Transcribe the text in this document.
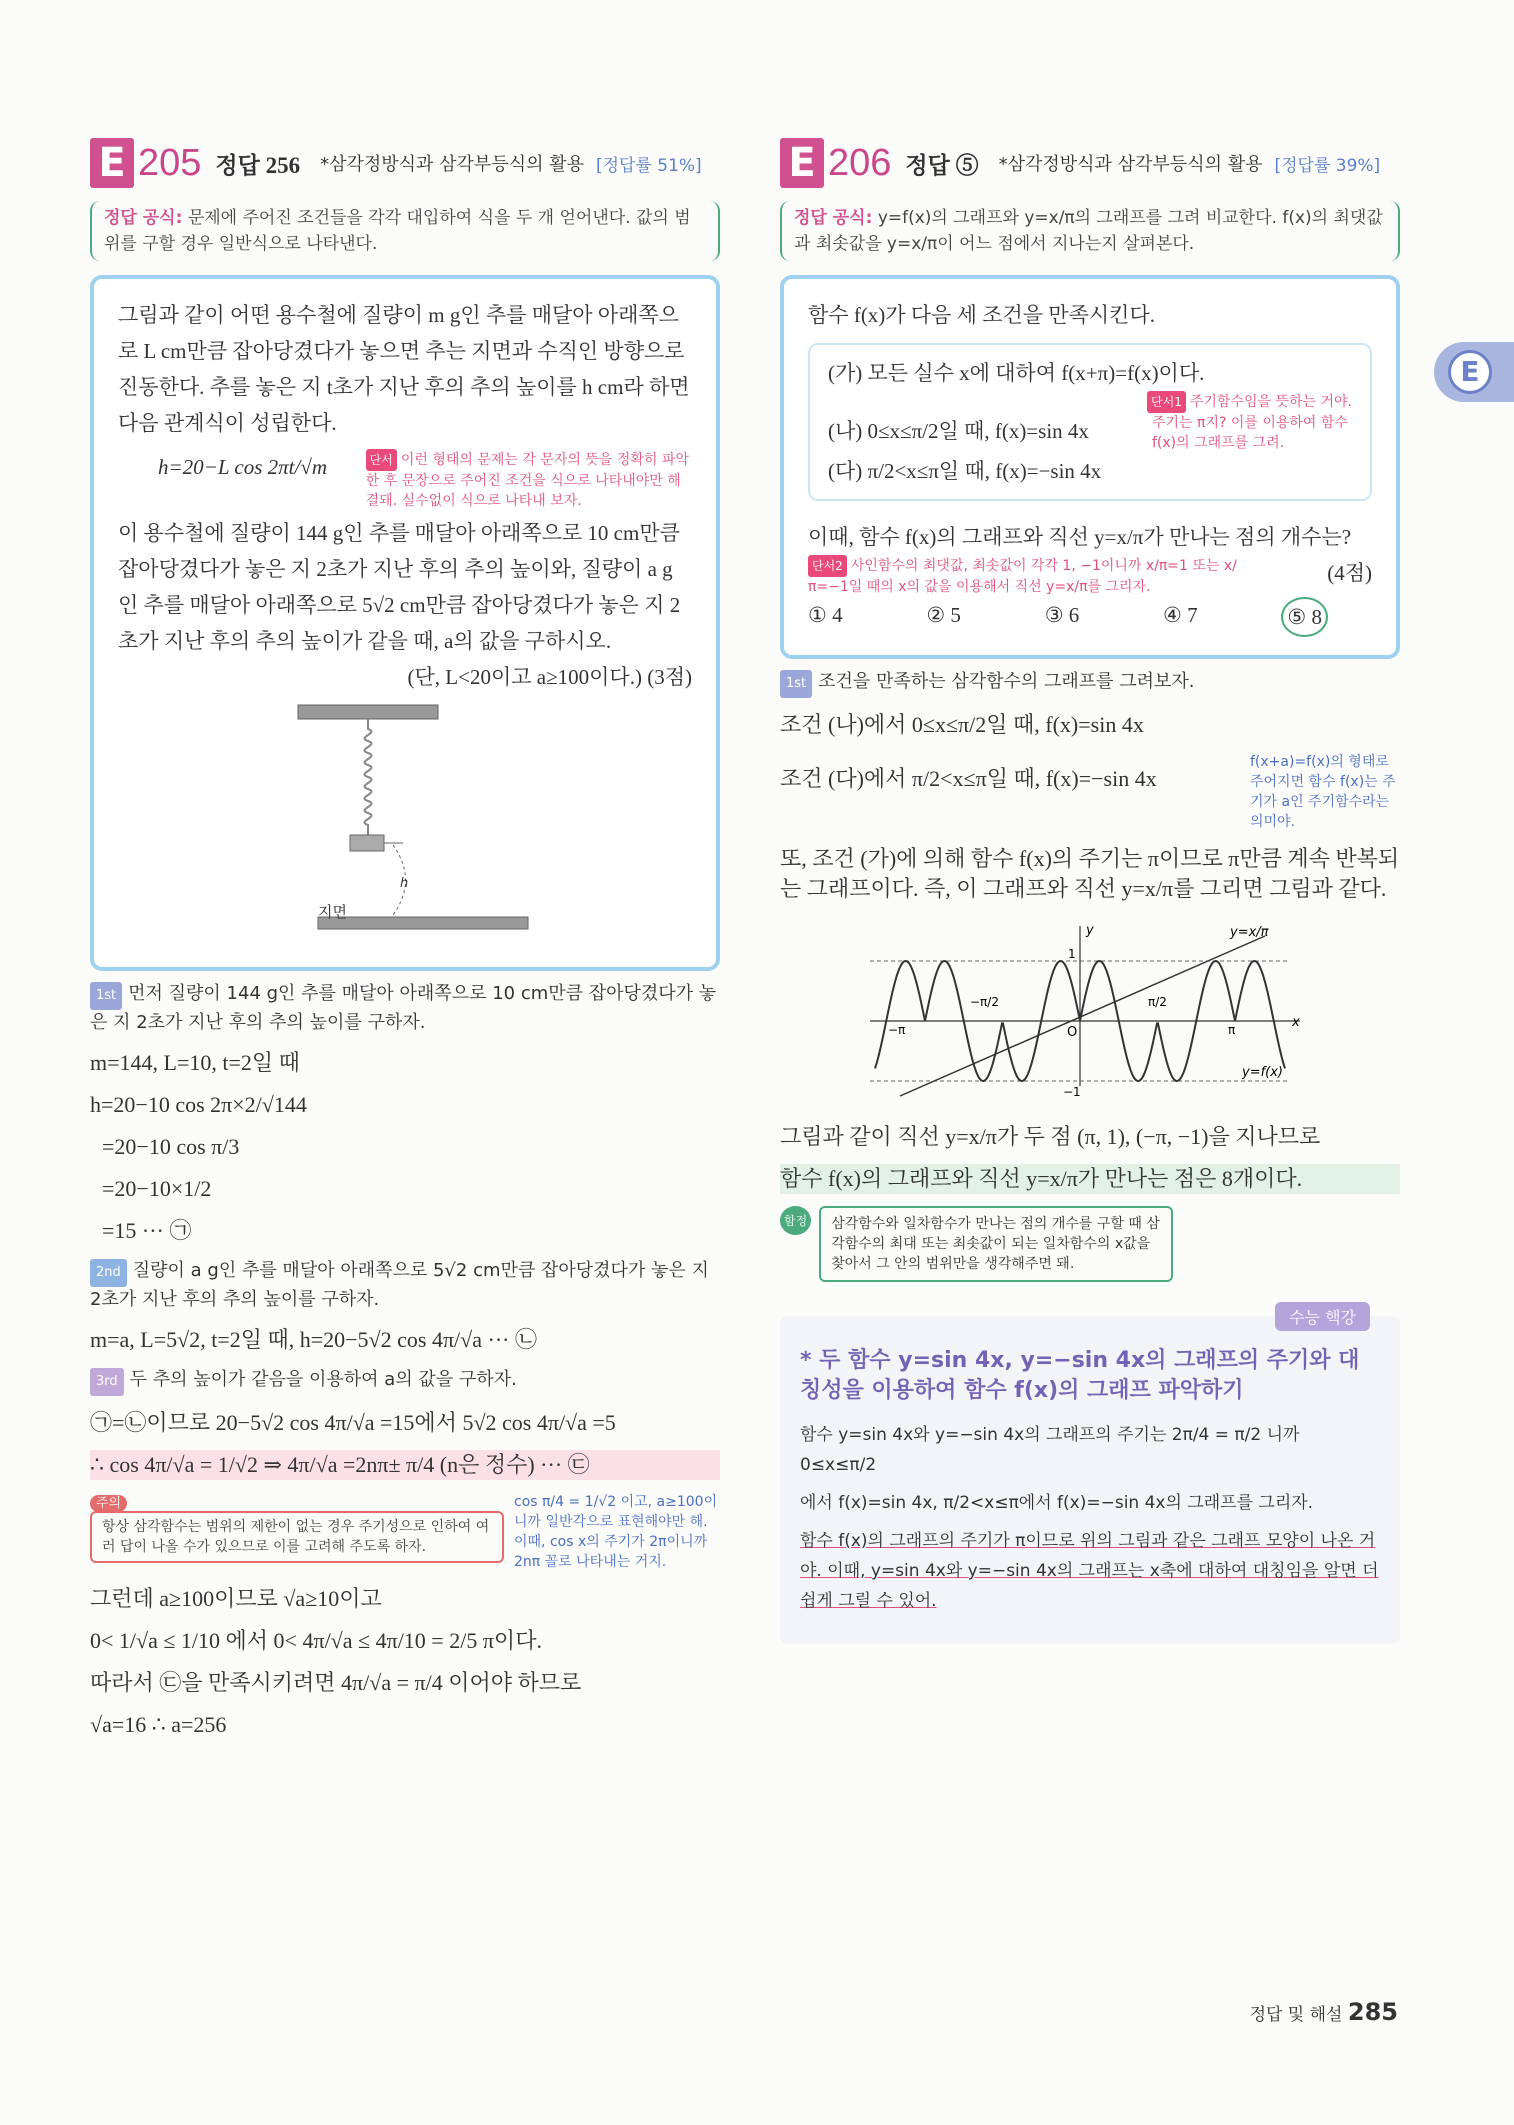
E 205 정답 256 *삼각정방식과 삼각부등식의 활용 [정답률 51%]
정답 공식: 문제에 주어진 조건들을 각각 대입하여 식을 두 개 얻어낸다. 값의 범위를 구할 경우 일반식으로 나타낸다.
그림과 같이 어떤 용수철에 질량이 m g인 추를 매달아 아래쪽으로 L cm만큼 잡아당겼다가 놓으면 추는 지면과 수직인 방향으로 진동한다. 추를 놓은 지 t초가 지난 후의 추의 높이를 h cm라 하면 다음 관계식이 성립한다.
h=20−L cos 2πt/√m	단서 이런 형태의 문제는 각 문자의 뜻을 정확히 파악한 후 문장으로 주어진 조건을 식으로 나타내야만 해결돼. 실수없이 식으로 나타내 보자.
이 용수철에 질량이 144 g인 추를 매달아 아래쪽으로 10 cm만큼 잡아당겼다가 놓은 지 2초가 지난 후의 추의 높이와, 질량이 a g인 추를 매달아 아래쪽으로 5√2 cm만큼 잡아당겼다가 놓은 지 2초가 지난 후의 추의 높이가 같을 때, a의 값을 구하시오.
(단, L<20이고 a≥100이다.) (3점)
h
지면
1st 먼저 질량이 144 g인 추를 매달아 아래쪽으로 10 cm만큼 잡아당겼다가 놓은 지 2초가 지난 후의 추의 높이를 구하자.
m=144, L=10, t=2일 때
h=20−10 cos 2π×2/√144
=20−10 cos π/3
=20−10×1/2
=15 ··· ㉠
2nd 질량이 a g인 추를 매달아 아래쪽으로 5√2 cm만큼 잡아당겼다가 놓은 지 2초가 지난 후의 추의 높이를 구하자.
m=a, L=5√2, t=2일 때, h=20−5√2 cos 4π/√a ··· ㉡
3rd 두 추의 높이가 같음을 이용하여 a의 값을 구하자.
㉠=㉡이므로 20−5√2 cos 4π/√a =15에서 5√2 cos 4π/√a =5
∴ cos 4π/√a = 1/√2 ⇒ 4π/√a =2nπ± π/4 (n은 정수) ··· ㉢
주의
항상 삼각함수는 범위의 제한이 없는 경우 주기성으로 인하여 여러 답이 나올 수가 있으므로 이를 고려해 주도록 하자.
cos π/4 = 1/√2 이고, a≥100이니까 일반각으로 표현해야만 해. 이때, cos x의 주기가 2π이니까 2nπ 꼴로 나타내는 거지.
그런데 a≥100이므로 √a≥10이고
0< 1/√a ≤ 1/10 에서 0< 4π/√a ≤ 4π/10 = 2/5 π이다.
따라서 ㉢을 만족시키려면 4π/√a = π/4 이어야 하므로
√a=16 ∴ a=256
E 206 정답 ⑤ *삼각정방식과 삼각부등식의 활용 [정답률 39%]
정답 공식: y=f(x)의 그래프와 y=x/π의 그래프를 그려 비교한다. f(x)의 최댓값과 최솟값을 y=x/π이 어느 점에서 지나는지 살펴본다.
함수 f(x)가 다음 세 조건을 만족시킨다.
(가) 모든 실수 x에 대하여 f(x+π)=f(x)이다.
단서1 주기함수임을 뜻하는 거야.
(나) 0≤x≤π/2일 때, f(x)=sin 4x	주기는 π지? 이를 이용하여 함수 f(x)의 그래프를 그려.
(다) π/2<x≤π일 때, f(x)=−sin 4x
이때, 함수 f(x)의 그래프와 직선 y=x/π가 만나는 점의 개수는?
단서2 사인함수의 최댓값, 최솟값이 각각 1, −1이니까 x/π=1 또는 x/π=−1일 때의 x의 값을 이용해서 직선 y=x/π를 그리자.
(4점)
① 4	② 5	③ 6	④ 7	⑤ 8
1st 조건을 만족하는 삼각함수의 그래프를 그려보자.
조건 (나)에서 0≤x≤π/2일 때, f(x)=sin 4x
조건 (다)에서 π/2<x≤π일 때, f(x)=−sin 4x
f(x+a)=f(x)의 형태로 주어지면 함수 f(x)는 주기가 a인 주기함수라는 의미야.
또, 조건 (가)에 의해 함수 f(x)의 주기는 π이므로 π만큼 계속 반복되는 그래프이다. 즉, 이 그래프와 직선 y=x/π를 그리면 그림과 같다.
y
x
O
1
−1
π
−π
π/2
−π/2
y=x/π
y=f(x)
그림과 같이 직선 y=x/π가 두 점 (π, 1), (−π, −1)을 지나므로
함수 f(x)의 그래프와 직선 y=x/π가 만나는 점은 8개이다.
함정	삼각함수와 일차함수가 만나는 점의 개수를 구할 때 삼각함수의 최대 또는 최솟값이 되는 일차함수의 x값을 찾아서 그 안의 범위만을 생각해주면 돼.
수능 핵강
* 두 함수 y=sin 4x, y=−sin 4x의 그래프의 주기와 대칭성을 이용하여 함수 f(x)의 그래프 파악하기

함수 y=sin 4x와 y=−sin 4x의 그래프의 주기는 2π/4 = π/2 니까 0≤x≤π/2

에서 f(x)=sin 4x, π/2<x≤π에서 f(x)=−sin 4x의 그래프를 그리자.

함수 f(x)의 그래프의 주기가 π이므로 위의 그림과 같은 그래프 모양이 나온 거야. 이때, y=sin 4x와 y=−sin 4x의 그래프는 x축에 대하여 대칭임을 알면 더 쉽게 그릴 수 있어.

E
정답 및 해설 285
